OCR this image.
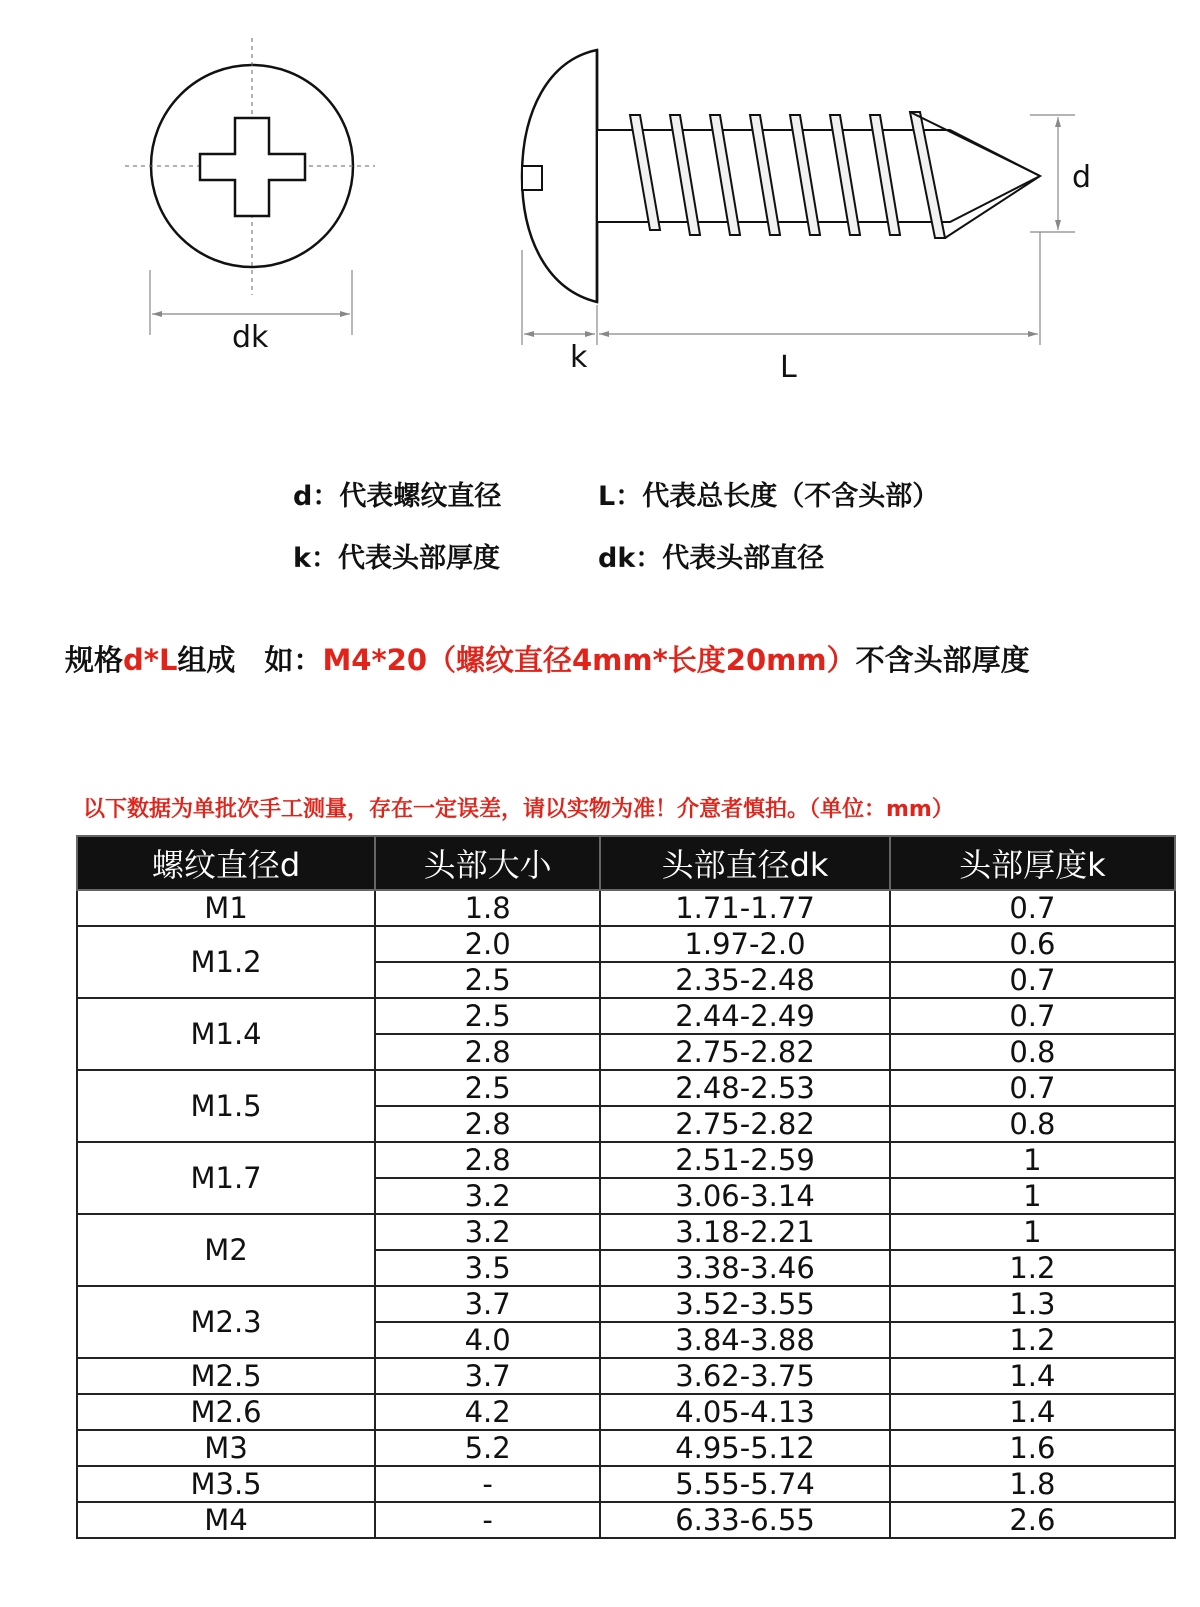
dk
d
k	L
d：代表螺纹直径	L：代表总长度（不含头部）
k：代表头部厚度	dk：代表头部直径
规格d*L组成　如：M4*20（螺纹直径4mm*长度20mm）不含头部厚度
以下数据为单批次手工测量，存在一定误差，请以实物为准！介意者慎拍。（单位：mm）
螺纹直径d	头部大小	头部直径dk	头部厚度k
M1	1.8	1.71-1.77	0.7
M1.2	2.0	1.97-2.0	0.6
	2.5	2.35-2.48	0.7
M1.4	2.5	2.44-2.49	0.7
	2.8	2.75-2.82	0.8
M1.5	2.5	2.48-2.53	0.7
	2.8	2.75-2.82	0.8
M1.7	2.8	2.51-2.59	1
	3.2	3.06-3.14	1
M2	3.2	3.18-2.21	1
	3.5	3.38-3.46	1.2
M2.3	3.7	3.52-3.55	1.3
	4.0	3.84-3.88	1.2
M2.5	3.7	3.62-3.75	1.4
M2.6	4.2	4.05-4.13	1.4
M3	5.2	4.95-5.12	1.6
M3.5	-	5.55-5.74	1.8
M4	-	6.33-6.55	2.6
